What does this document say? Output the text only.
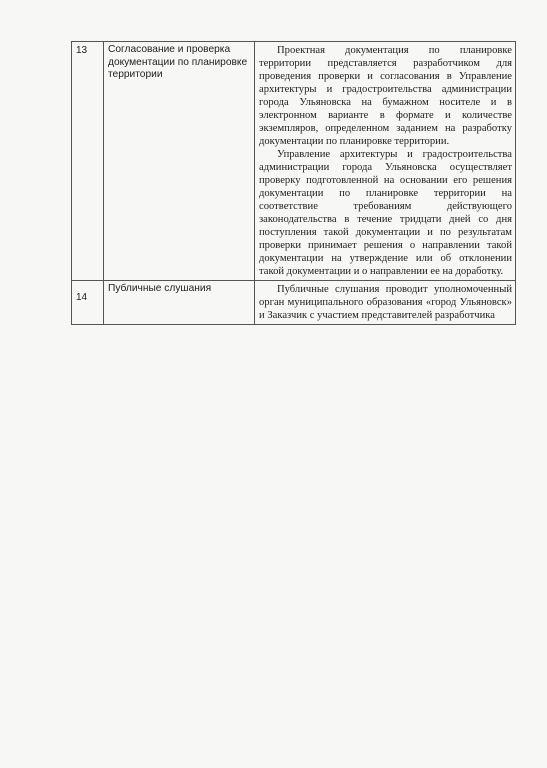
13	Согласование и проверка документации по планировке территории	Проектная документация по планировке территории представляется разработчиком для проведения проверки и согласования в Управление архитектуры и градостроительства администрации города Ульяновска на бумажном носителе и в электронном варианте в формате и количестве экземпляров, определенном заданием на разработку документации по планировке территории.

Управление архитектуры и градостроительства администрации города Ульяновска осуществляет проверку подготовленной на основании его решения документации по планировке территории на соответствие требованиям действующего законодательства в течение тридцати дней со дня поступления такой документации и по результатам проверки принимает решения о направлении такой документации на утверждение или об отклонении такой документации и о направлении ее на доработку.

14	Публичные слушания	Публичные слушания проводит уполномоченный орган муниципального образования «город Ульяновск» и Заказчик с участием представителей разработчика
